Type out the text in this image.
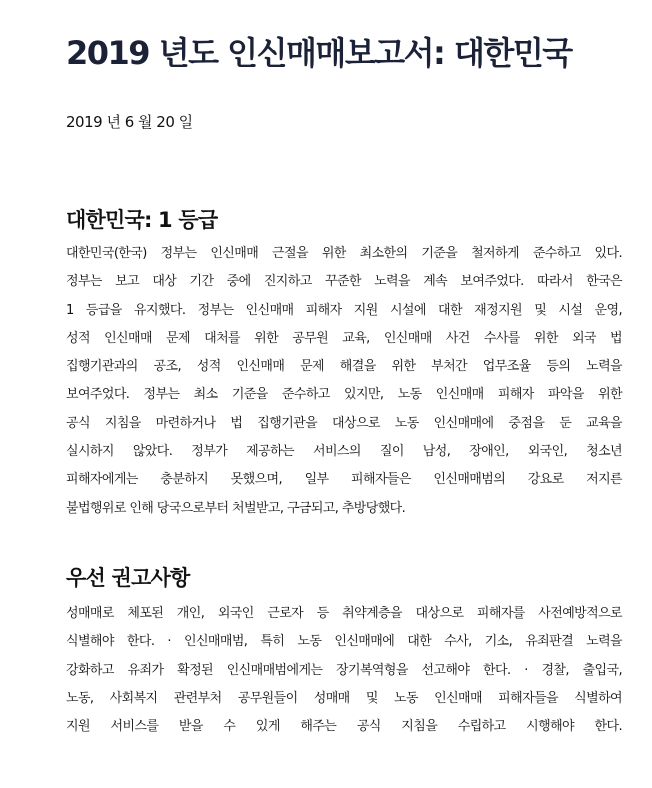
2019 년도 인신매매보고서: 대한민국
2019 년 6 월 20 일
대한민국: 1 등급
대한민국(한국) 정부는 인신매매 근절을 위한 최소한의 기준을 철저하게 준수하고 있다.
정부는 보고 대상 기간 중에 진지하고 꾸준한 노력을 계속 보여주었다. 따라서 한국은
1 등급을 유지했다. 정부는 인신매매 피해자 지원 시설에 대한 재정지원 및 시설 운영,
성적 인신매매 문제 대처를 위한 공무원 교육, 인신매매 사건 수사를 위한 외국 법
집행기관과의 공조, 성적 인신매매 문제 해결을 위한 부처간 업무조율 등의 노력을
보여주었다. 정부는 최소 기준을 준수하고 있지만, 노동 인신매매 피해자 파악을 위한
공식 지침을 마련하거나 법 집행기관을 대상으로 노동 인신매매에 중점을 둔 교육을
실시하지 않았다. 정부가 제공하는 서비스의 질이 남성, 장애인, 외국인, 청소년
피해자에게는 충분하지 못했으며, 일부 피해자들은 인신매매범의 강요로 저지른
불법행위로 인해 당국으로부터 처벌받고, 구금되고, 추방당했다.
우선 권고사항
성매매로 체포된 개인, 외국인 근로자 등 취약계층을 대상으로 피해자를 사전예방적으로
식별해야 한다. · 인신매매범, 특히 노동 인신매매에 대한 수사, 기소, 유죄판결 노력을
강화하고 유죄가 확정된 인신매매범에게는 장기복역형을 선고해야 한다. · 경찰, 출입국,
노동, 사회복지 관련부처 공무원들이 성매매 및 노동 인신매매 피해자들을 식별하여
지원 서비스를 받을 수 있게 해주는 공식 지침을 수립하고 시행해야 한다.
